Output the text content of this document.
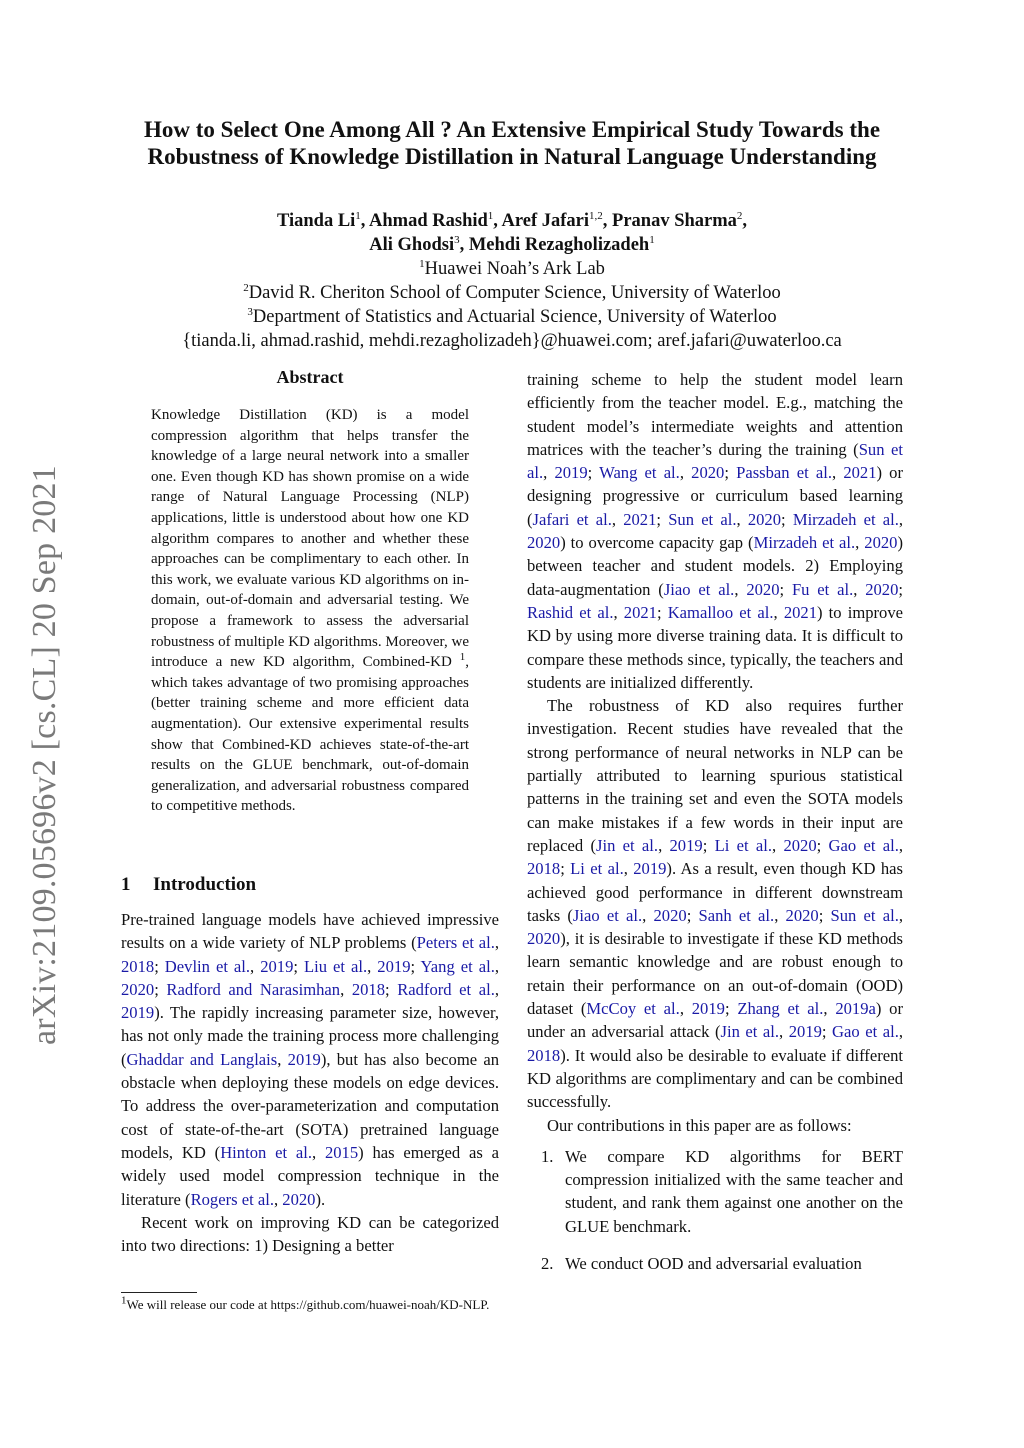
arXiv:2109.05696v2 [cs.CL] 20 Sep 2021
How to Select One Among All ? An Extensive Empirical Study Towards the Robustness of Knowledge Distillation in Natural Language Understanding
Tianda Li$^1$, Ahmad Rashid$^1$, Aref Jafari$^{1,2}$, Pranav Sharma$^2$,
Ali Ghodsi$^3$, Mehdi Rezagholizadeh$^1$
$^1$Huawei Noah’s Ark Lab
$^2$David R. Cheriton School of Computer Science, University of Waterloo
$^3$Department of Statistics and Actuarial Science, University of Waterloo
{tianda.li, ahmad.rashid, mehdi.rezagholizadeh}@huawei.com; aref.jafari@uwaterloo.ca
Abstract
Knowledge Distillation (KD) is a model compression algorithm that helps transfer the knowledge of a large neural network into a smaller one. Even though KD has shown promise on a wide range of Natural Language Processing (NLP) applications, little is understood about how one KD algorithm compares to another and whether these approaches can be complimentary to each other. In this work, we evaluate various KD algorithms on in-domain, out-of-domain and adversarial testing. We propose a framework to assess the adversarial robustness of multiple KD algorithms. Moreover, we introduce a new KD algorithm, Combined-KD $^1$, which takes advantage of two promising approaches (better training scheme and more efficient data augmentation). Our extensive experimental results show that Combined-KD achieves state-of-the-art results on the GLUE benchmark, out-of-domain generalization, and adversarial robustness compared to competitive methods.
1 Introduction

Pre-trained language models have achieved impressive results on a wide variety of NLP problems (Peters et al., 2018; Devlin et al., 2019; Liu et al., 2019; Yang et al., 2020; Radford and Narasimhan, 2018; Radford et al., 2019). The rapidly increasing parameter size, however, has not only made the training process more challenging (Ghaddar and Langlais, 2019), but has also become an obstacle when deploying these models on edge devices. To address the over-parameterization and computation cost of state-of-the-art (SOTA) pretrained language models, KD (Hinton et al., 2015) has emerged as a widely used model compression technique in the literature (Rogers et al., 2020).

Recent work on improving KD can be categorized into two directions: 1) Designing a better

$^1$We will release our code at https://github.com/huawei-noah/KD-NLP.

training scheme to help the student model learn efficiently from the teacher model. E.g., matching the student model’s intermediate weights and attention matrices with the teacher’s during the training (Sun et al., 2019; Wang et al., 2020; Passban et al., 2021) or designing progressive or curriculum based learning (Jafari et al., 2021; Sun et al., 2020; Mirzadeh et al., 2020) to overcome capacity gap (Mirzadeh et al., 2020) between teacher and student models. 2) Employing data-augmentation (Jiao et al., 2020; Fu et al., 2020; Rashid et al., 2021; Kamalloo et al., 2021) to improve KD by using more diverse training data. It is difficult to compare these methods since, typically, the teachers and students are initialized differently.

The robustness of KD also requires further investigation. Recent studies have revealed that the strong performance of neural networks in NLP can be partially attributed to learning spurious statistical patterns in the training set and even the SOTA models can make mistakes if a few words in their input are replaced (Jin et al., 2019; Li et al., 2020; Gao et al., 2018; Li et al., 2019). As a result, even though KD has achieved good performance in different downstream tasks (Jiao et al., 2020; Sanh et al., 2020; Sun et al., 2020), it is desirable to investigate if these KD methods learn semantic knowledge and are robust enough to retain their performance on an out-of-domain (OOD) dataset (McCoy et al., 2019; Zhang et al., 2019a) or under an adversarial attack (Jin et al., 2019; Gao et al., 2018). It would also be desirable to evaluate if different KD algorithms are complimentary and can be combined successfully.

Our contributions in this paper are as follows:

1. We compare KD algorithms for BERT compression initialized with the same teacher and student, and rank them against one another on the GLUE benchmark.
2. We conduct OOD and adversarial evaluation
